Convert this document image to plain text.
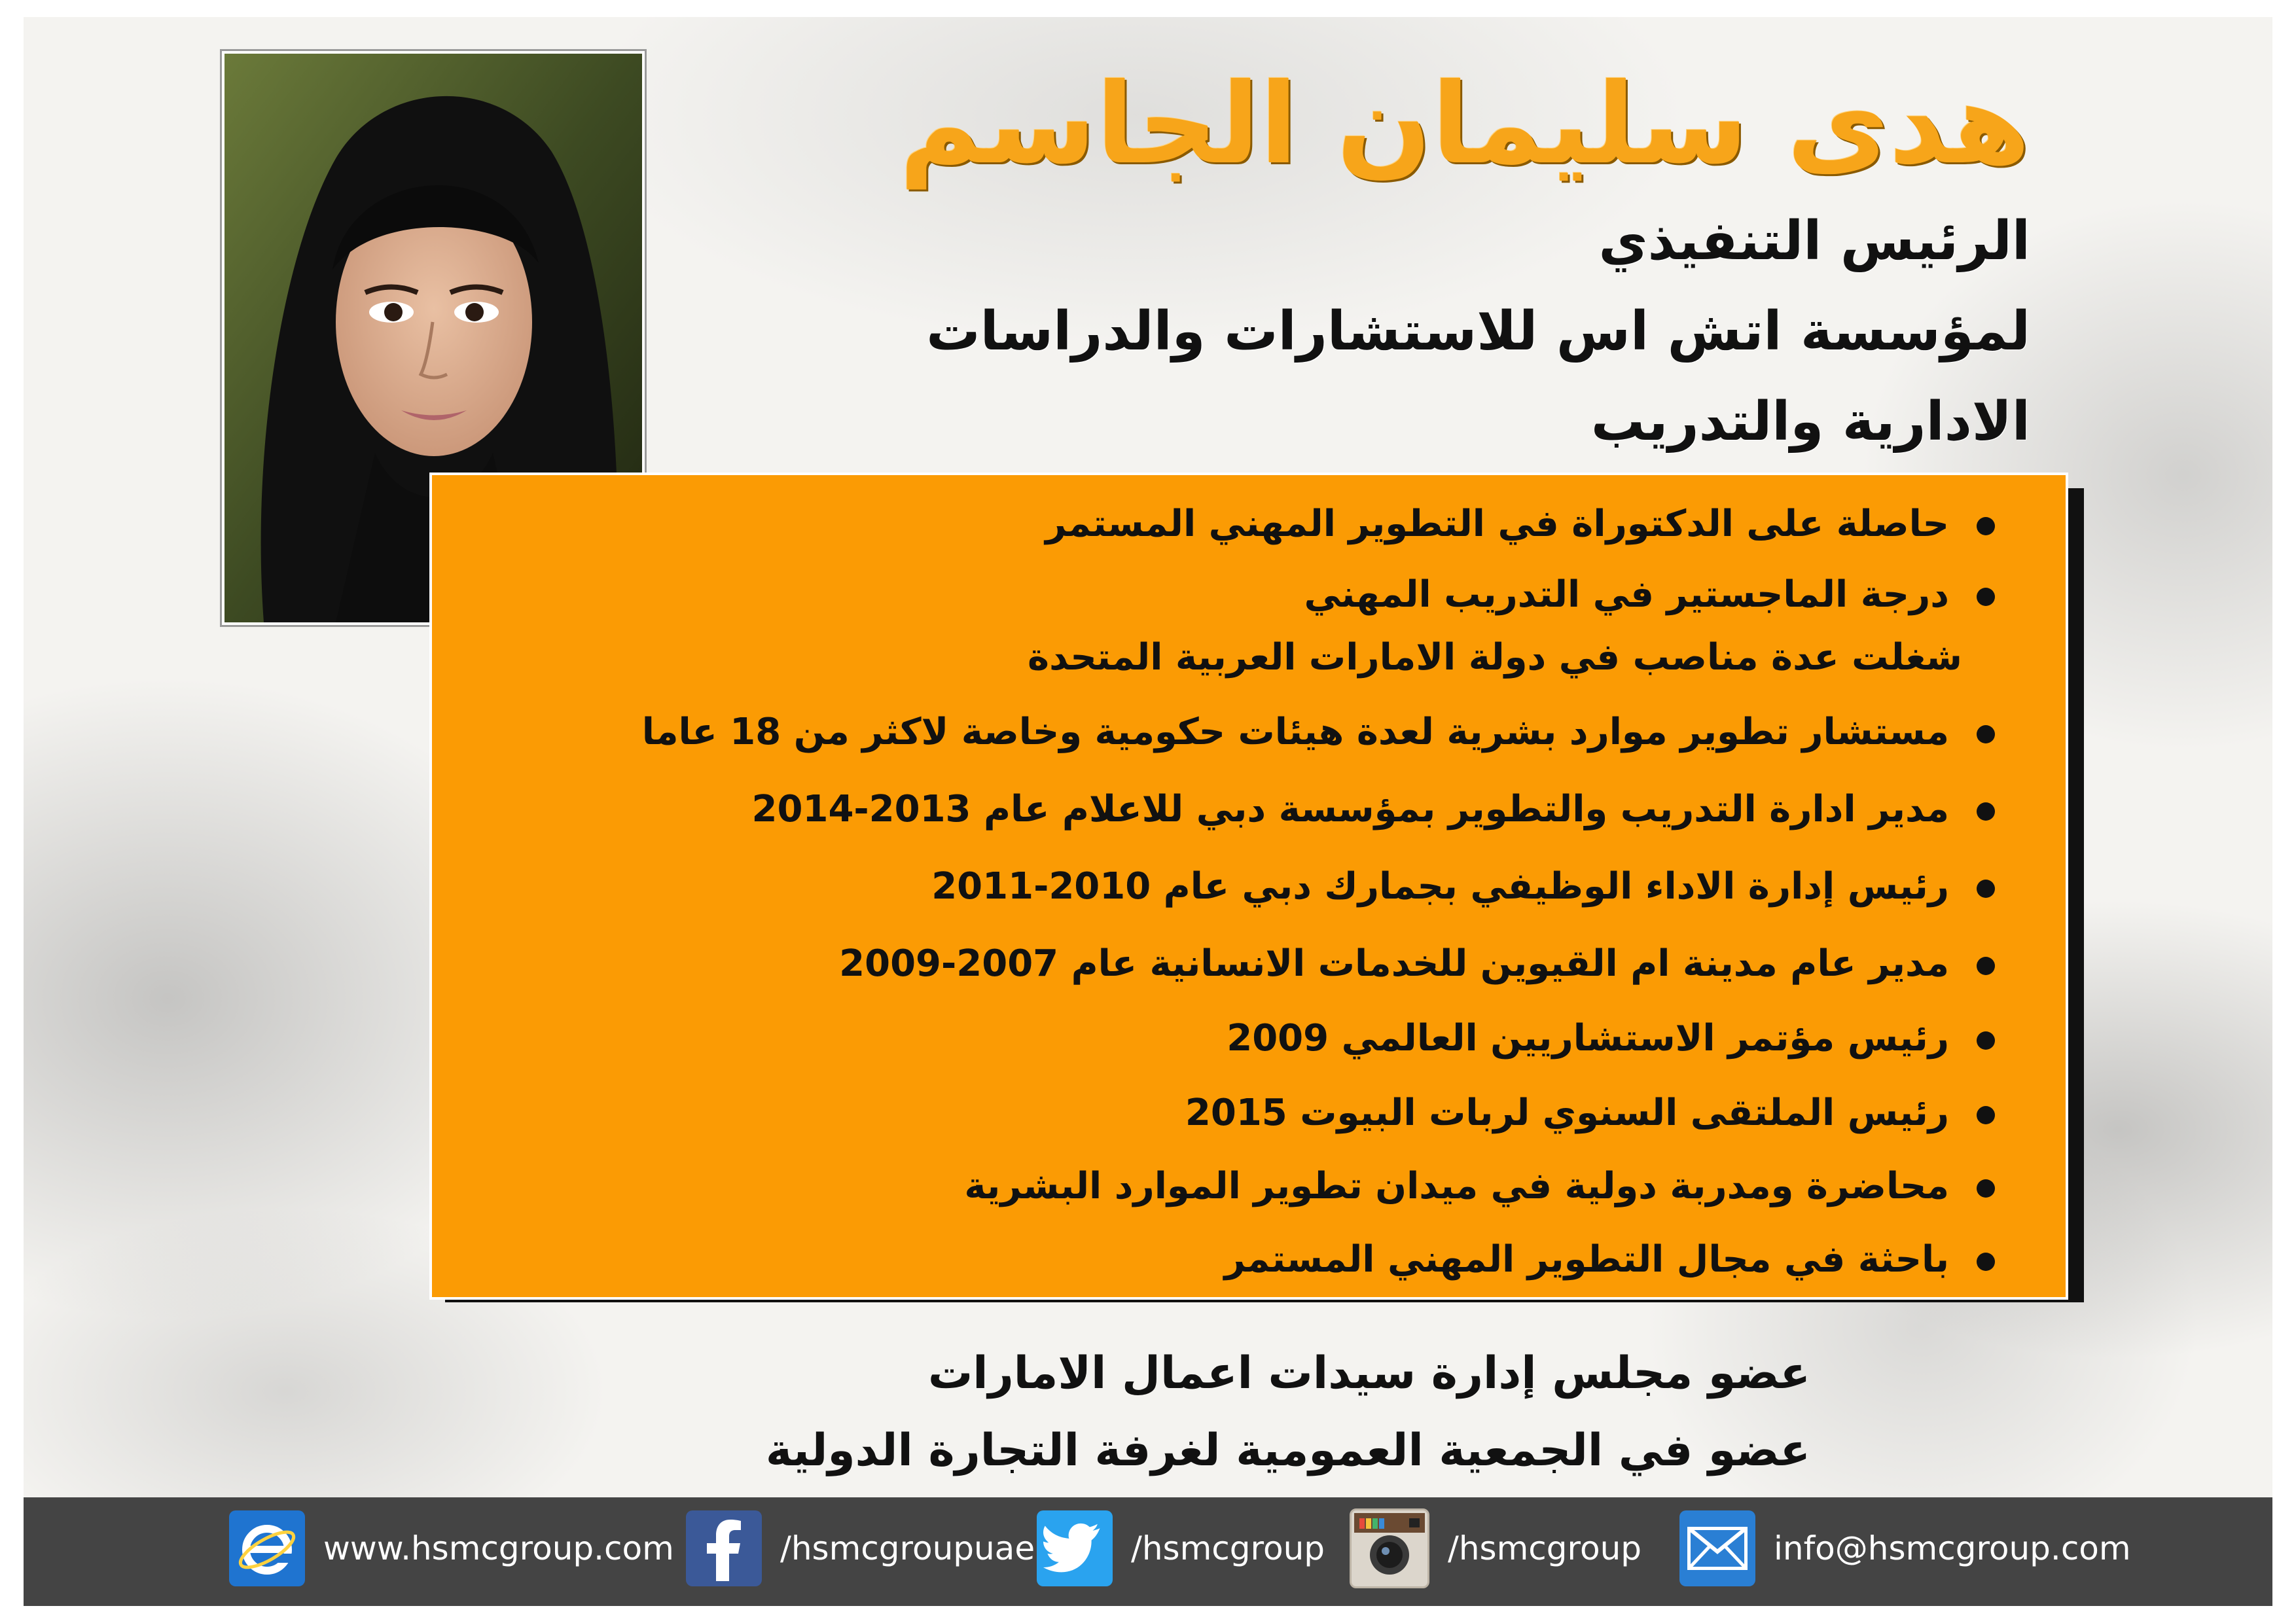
هدى سليمان الجاسم
الرئيس التنفيذي
لمؤسسة اتش اس للاستشارات والدراسات
الادارية والتدريب
حاصلة على الدكتوراة في التطوير المهني المستمر
درجة الماجستير في التدريب المهني
شغلت عدة مناصب في دولة الامارات العربية المتحدة
مستشار تطوير موارد بشرية لعدة هيئات حكومية وخاصة لاكثر من 18 عاما
مدير ادارة التدريب والتطوير بمؤسسة دبي للاعلام عام 2013-2014
رئيس إدارة الاداء الوظيفي بجمارك دبي عام 2010-2011
مدير عام مدينة ام القيوين للخدمات الانسانية عام 2007-2009
رئيس مؤتمر الاستشاريين العالمي 2009
رئيس الملتقى السنوي لربات البيوت 2015
محاضرة ومدربة دولية في ميدان تطوير الموارد البشرية
باحثة في مجال التطوير المهني المستمر
عضو مجلس إدارة سيدات اعمال الامارات
عضو في الجمعية العمومية لغرفة التجارة الدولية
www.hsmcgroup.com	/hsmcgroupuae	/hsmcgroup	/hsmcgroup	info@hsmcgroup.com
